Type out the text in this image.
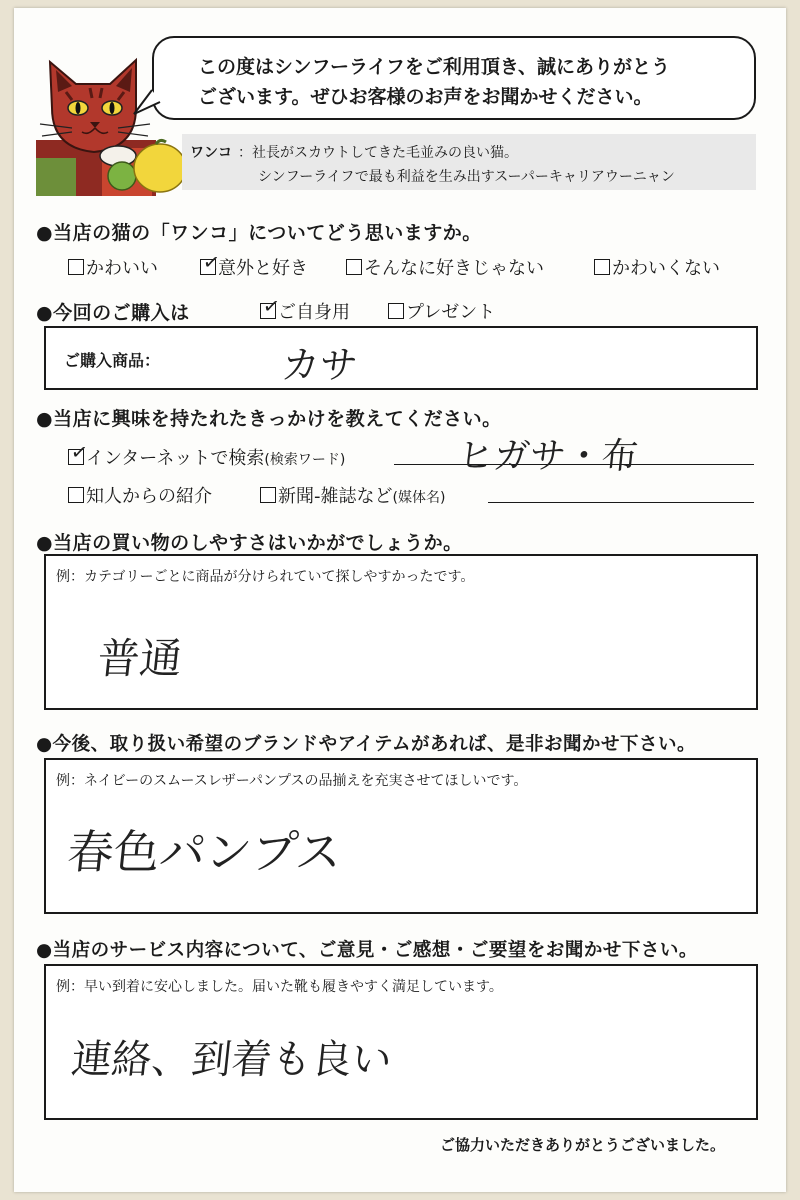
この度はシンフーライフをご利用頂き、誠にありがとう
ございます。ぜひお客様のお声をお聞かせください。
ワンコ ：社長がスカウトしてきた毛並みの良い猫。
シンフーライフで最も利益を生み出すスーパーキャリアウーニャン
●当店の猫の「ワンコ」についてどう思いますか。
かわいい ✓
意外と好き	そんなに好きじゃない	かわいくない
●今回のご購入は	✓
ご自身用	プレゼント
ご購入商品：	カサ
●当店に興味を持たれたきっかけを教えてください。
✓
インターネットで検索(検索ワード)	ヒガサ・布
知人からの紹介	新聞-雑誌など(媒体名)
●当店の買い物のしやすさはいかがでしょうか。
例：カテゴリーごとに商品が分けられていて探しやすかったです。
普通
●今後、取り扱い希望のブランドやアイテムがあれば、是非お聞かせ下さい。
例：ネイビーのスムースレザーパンプスの品揃えを充実させてほしいです。
春色パンプス
●当店のサービス内容について、ご意見・ご感想・ご要望をお聞かせ下さい。
例：早い到着に安心しました。届いた靴も履きやすく満足しています。
連絡、到着も良い
ご協力いただきありがとうございました。
